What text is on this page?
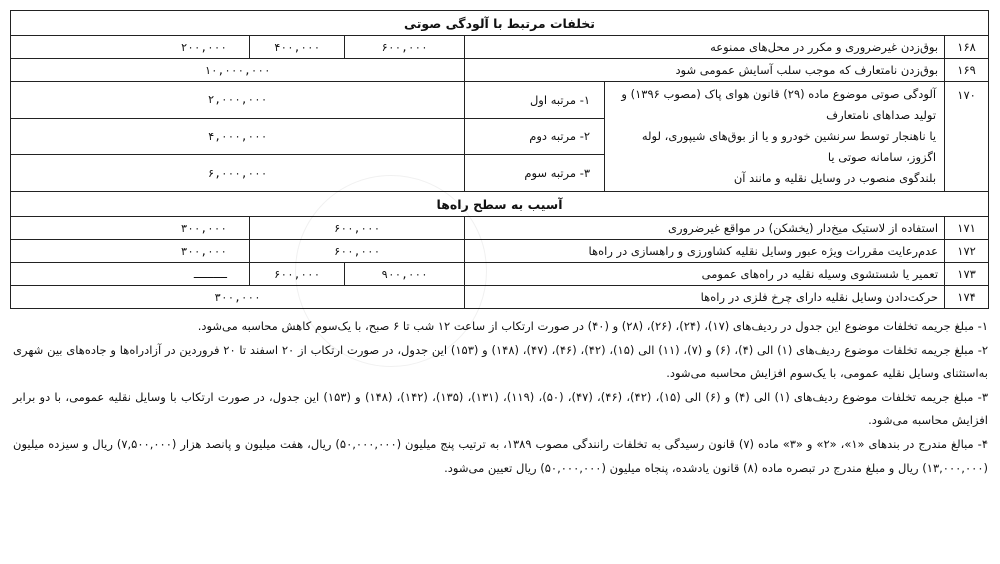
تخلفات مرتبط با آلودگی صوتی					
۱۶۸	بوق‌زدن غیرضروری و مکرر در محل‌های ممنوعه		۶۰۰,۰۰۰	۴۰۰,۰۰۰	۲۰۰,۰۰۰
۱۶۹	بوق‌زدن نامتعارف که موجب سلب آسایش عمومی شود		۱۰,۰۰۰,۰۰۰		
۱۷۰	آلودگی صوتی موضوع ماده (۲۹) قانون هوای پاک (مصوب ۱۳۹۶) و تولید صداهای نامتعارف
یا ناهنجار توسط سرنشین خودرو و یا از بوق‌های شیپوری، لوله اگزوز، سامانه صوتی یا
بلندگوی منصوب در وسایل نقلیه و مانند آن	۱- مرتبه اول	۲,۰۰۰,۰۰۰		
		۲- مرتبه دوم	۴,۰۰۰,۰۰۰		
		۳- مرتبه سوم	۶,۰۰۰,۰۰۰		
آسیب به سطح راه‌ها					
۱۷۱	استفاده از لاستیک میخ‌دار (یخشکن) در مواقع غیرضروری		۶۰۰,۰۰۰		۳۰۰,۰۰۰
۱۷۲	عدم‌رعایت مقررات ویژه عبور وسایل نقلیه کشاورزی و راهسازی در راه‌ها		۶۰۰,۰۰۰		۳۰۰,۰۰۰
۱۷۳	تعمیر یا شستشوی وسیله نقلیه در راه‌های عمومی		۹۰۰,۰۰۰	۶۰۰,۰۰۰	ـــــ
۱۷۴	حرکت‌دادن وسایل نقلیه دارای چرخ فلزی در راه‌ها		۳۰۰,۰۰۰		

۱- مبلغ جریمه تخلفات موضوع این جدول در ردیف‌های (۱۷)، (۲۴)، (۲۶)، (۲۸) و (۴۰) در صورت ارتکاب از ساعت ۱۲ شب تا ۶ صبح، با یک‌سوم کاهش محاسبه می‌شود.

۲- مبلغ جریمه تخلفات موضوع ردیف‌های (۱) الی (۴)، (۶) و (۷)، (۱۱) الی (۱۵)، (۴۲)، (۴۶)، (۴۷)، (۱۴۸) و (۱۵۳) این جدول، در صورت ارتکاب از ۲۰ اسفند تا ۲۰ فروردین در آزادراه‌ها و جاده‌های بین شهری به‌استثنای وسایل نقلیه عمومی، با یک‌سوم افزایش محاسبه می‌شود.

۳- مبلغ جریمه تخلفات موضوع ردیف‌های (۱) الی (۴) و (۶) الی (۱۵)، (۴۲)، (۴۶)، (۴۷)، (۵۰)، (۱۱۹)، (۱۳۱)، (۱۳۵)، (۱۴۲)، (۱۴۸) و (۱۵۳) این جدول، در صورت ارتکاب با وسایل نقلیه عمومی، با دو برابر افزایش محاسبه می‌شود.

۴- مبالغ مندرج در بندهای «۱»، «۲» و «۳» ماده (۷) قانون رسیدگی به تخلفات رانندگی مصوب ۱۳۸۹، به ترتیب پنج میلیون (۵۰,۰۰۰,۰۰۰) ریال، هفت میلیون و پانصد هزار (۷,۵۰۰,۰۰۰) ریال و سیزده میلیون (۱۳,۰۰۰,۰۰۰) ریال و مبلغ مندرج در تبصره ماده (۸) قانون یادشده، پنجاه میلیون (۵۰,۰۰۰,۰۰۰) ریال تعیین می‌شود.
